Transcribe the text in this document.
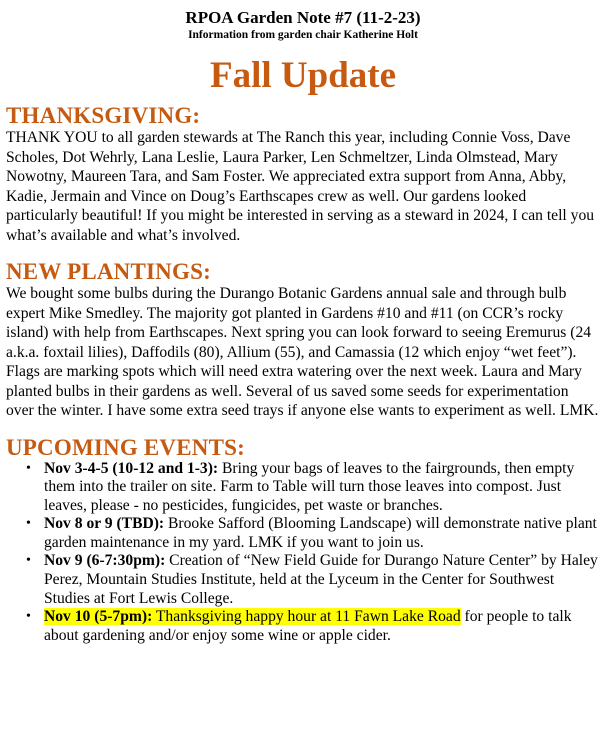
RPOA Garden Note #7 (11-2-23)

Information from garden chair Katherine Holt

Fall Update
THANKSGIVING:

THANK YOU to all garden stewards at The Ranch this year, including Connie Voss, Dave Scholes, Dot Wehrly, Lana Leslie, Laura Parker, Len Schmeltzer, Linda Olmstead, Mary Nowotny, Maureen Tara, and Sam Foster. We appreciated extra support from Anna, Abby, Kadie, Jermain and Vince on Doug’s Earthscapes crew as well. Our gardens looked particularly beautiful! If you might be interested in serving as a steward in 2024, I can tell you what’s available and what’s involved.

NEW PLANTINGS:

We bought some bulbs during the Durango Botanic Gardens annual sale and through bulb expert Mike Smedley. The majority got planted in Gardens #10 and #11 (on CCR’s rocky island) with help from Earthscapes. Next spring you can look forward to seeing Eremurus (24 a.k.a. foxtail lilies), Daffodils (80), Allium (55), and Camassia (12 which enjoy “wet feet”). Flags are marking spots which will need extra watering over the next week. Laura and Mary planted bulbs in their gardens as well. Several of us saved some seeds for experimentation over the winter. I have some extra seed trays if anyone else wants to experiment as well. LMK.

UPCOMING EVENTS:
• Nov 3-4-5 (10-12 and 1-3): Bring your bags of leaves to the fairgrounds, then empty them into the trailer on site. Farm to Table will turn those leaves into compost. Just leaves, please - no pesticides, fungicides, pet waste or branches.
• Nov 8 or 9 (TBD): Brooke Safford (Blooming Landscape) will demonstrate native plant garden maintenance in my yard. LMK if you want to join us.
• Nov 9 (6-7:30pm): Creation of “New Field Guide for Durango Nature Center” by Haley Perez, Mountain Studies Institute, held at the Lyceum in the Center for Southwest Studies at Fort Lewis College.
• Nov 10 (5-7pm): Thanksgiving happy hour at 11 Fawn Lake Road for people to talk about gardening and/or enjoy some wine or apple cider.
